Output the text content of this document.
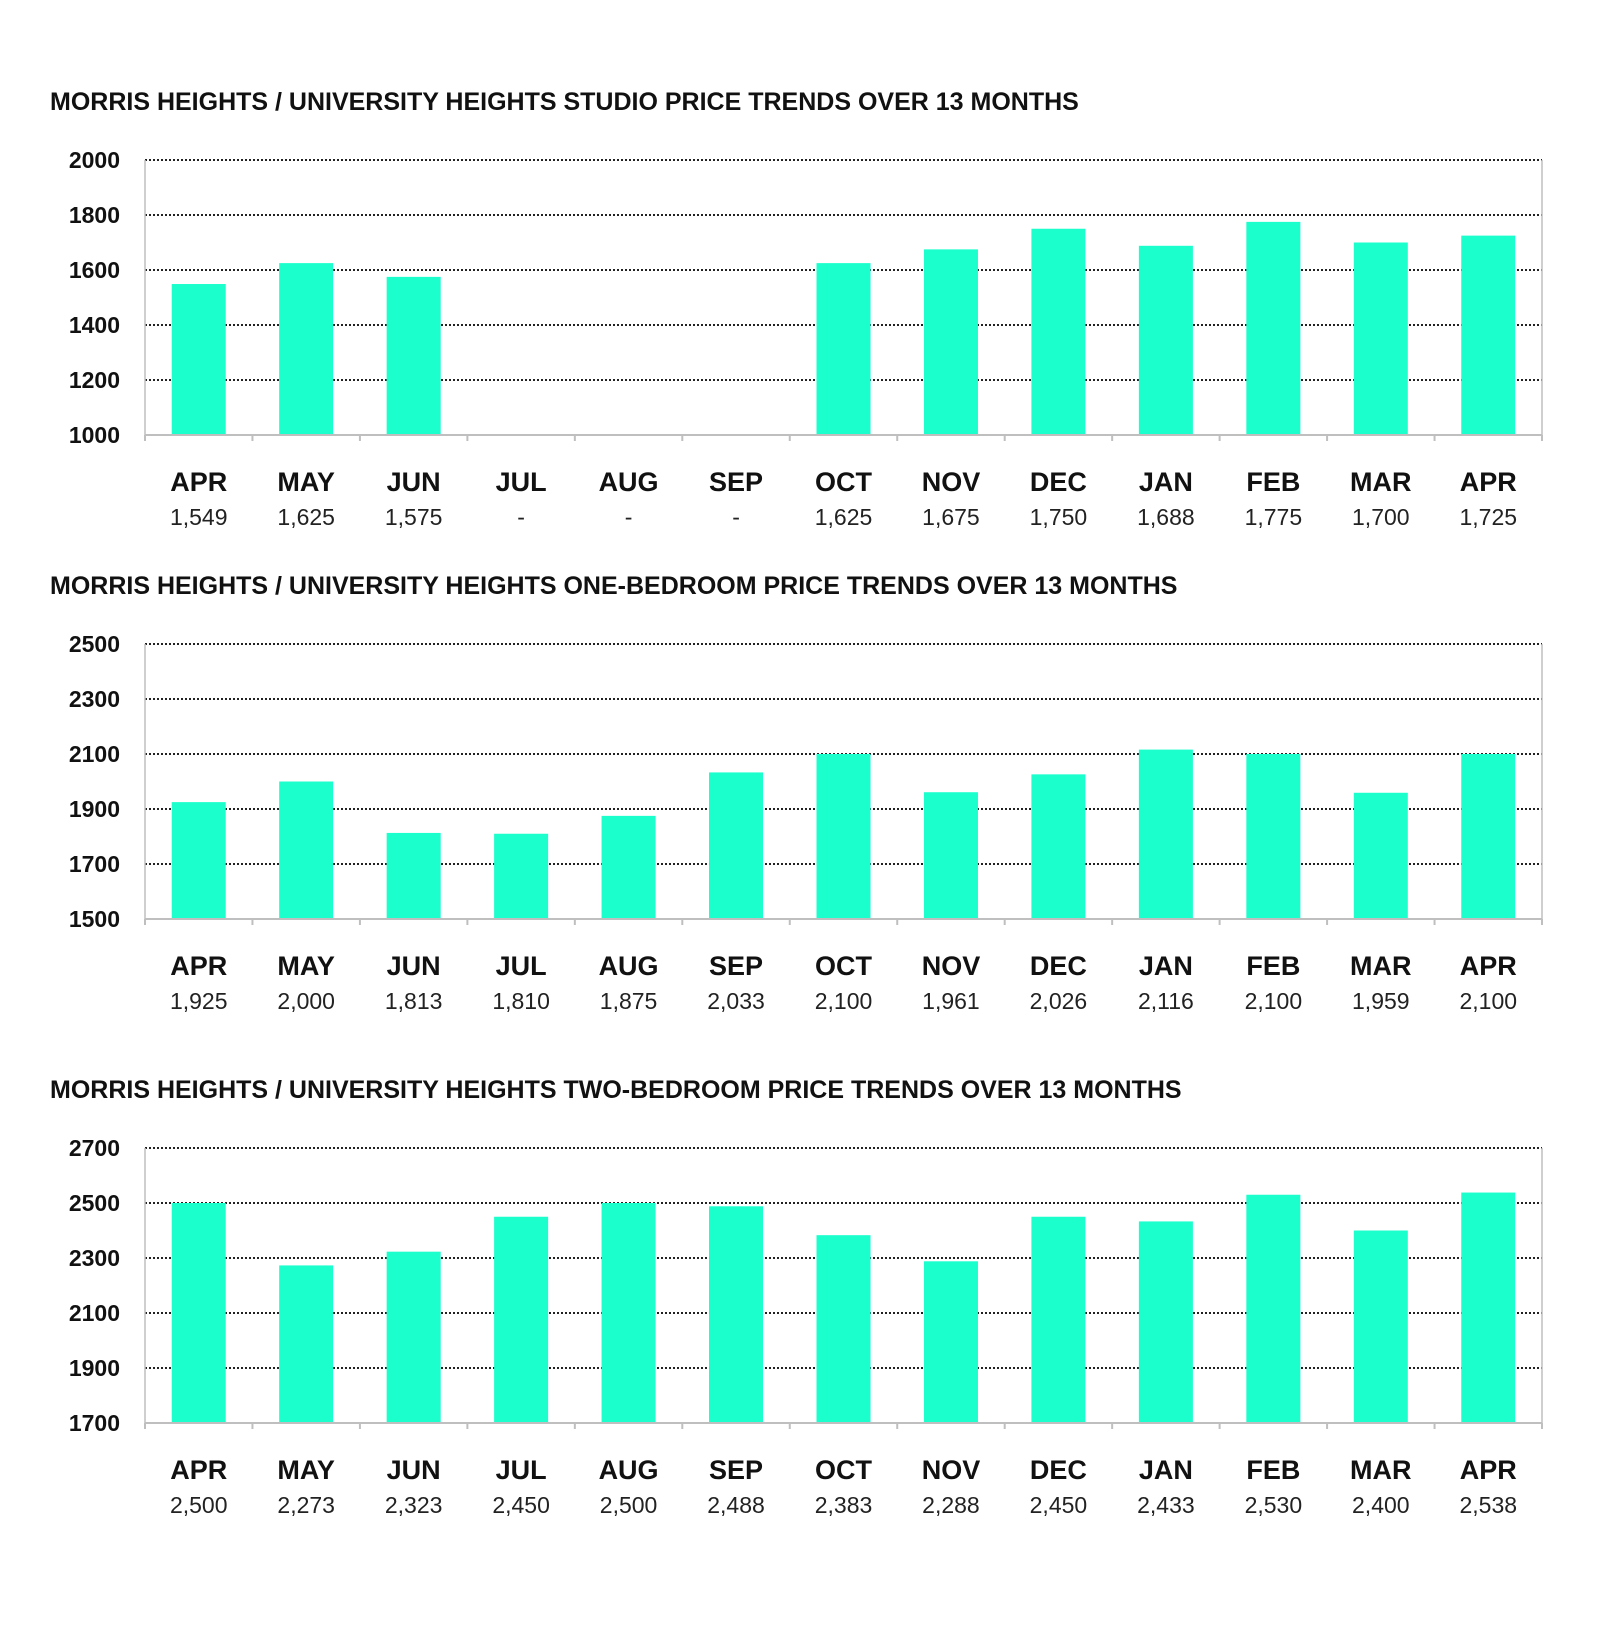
MORRIS HEIGHTS / UNIVERSITY HEIGHTS STUDIO PRICE TRENDS OVER 13 MONTHS
2000
1800
1600
1400
1200
1000
APR
1,549
MAY
1,625
JUN
1,575
JUL
-
AUG
-
SEP
-
OCT
1,625
NOV
1,675
DEC
1,750
JAN
1,688
FEB
1,775
MAR
1,700
APR
1,725
MORRIS HEIGHTS / UNIVERSITY HEIGHTS ONE-BEDROOM PRICE TRENDS OVER 13 MONTHS
2500
2300
2100
1900
1700
1500
APR
1,925
MAY
2,000
JUN
1,813
JUL
1,810
AUG
1,875
SEP
2,033
OCT
2,100
NOV
1,961
DEC
2,026
JAN
2,116
FEB
2,100
MAR
1,959
APR
2,100
MORRIS HEIGHTS / UNIVERSITY HEIGHTS TWO-BEDROOM PRICE TRENDS OVER 13 MONTHS
2700
2500
2300
2100
1900
1700
APR
2,500
MAY
2,273
JUN
2,323
JUL
2,450
AUG
2,500
SEP
2,488
OCT
2,383
NOV
2,288
DEC
2,450
JAN
2,433
FEB
2,530
MAR
2,400
APR
2,538
